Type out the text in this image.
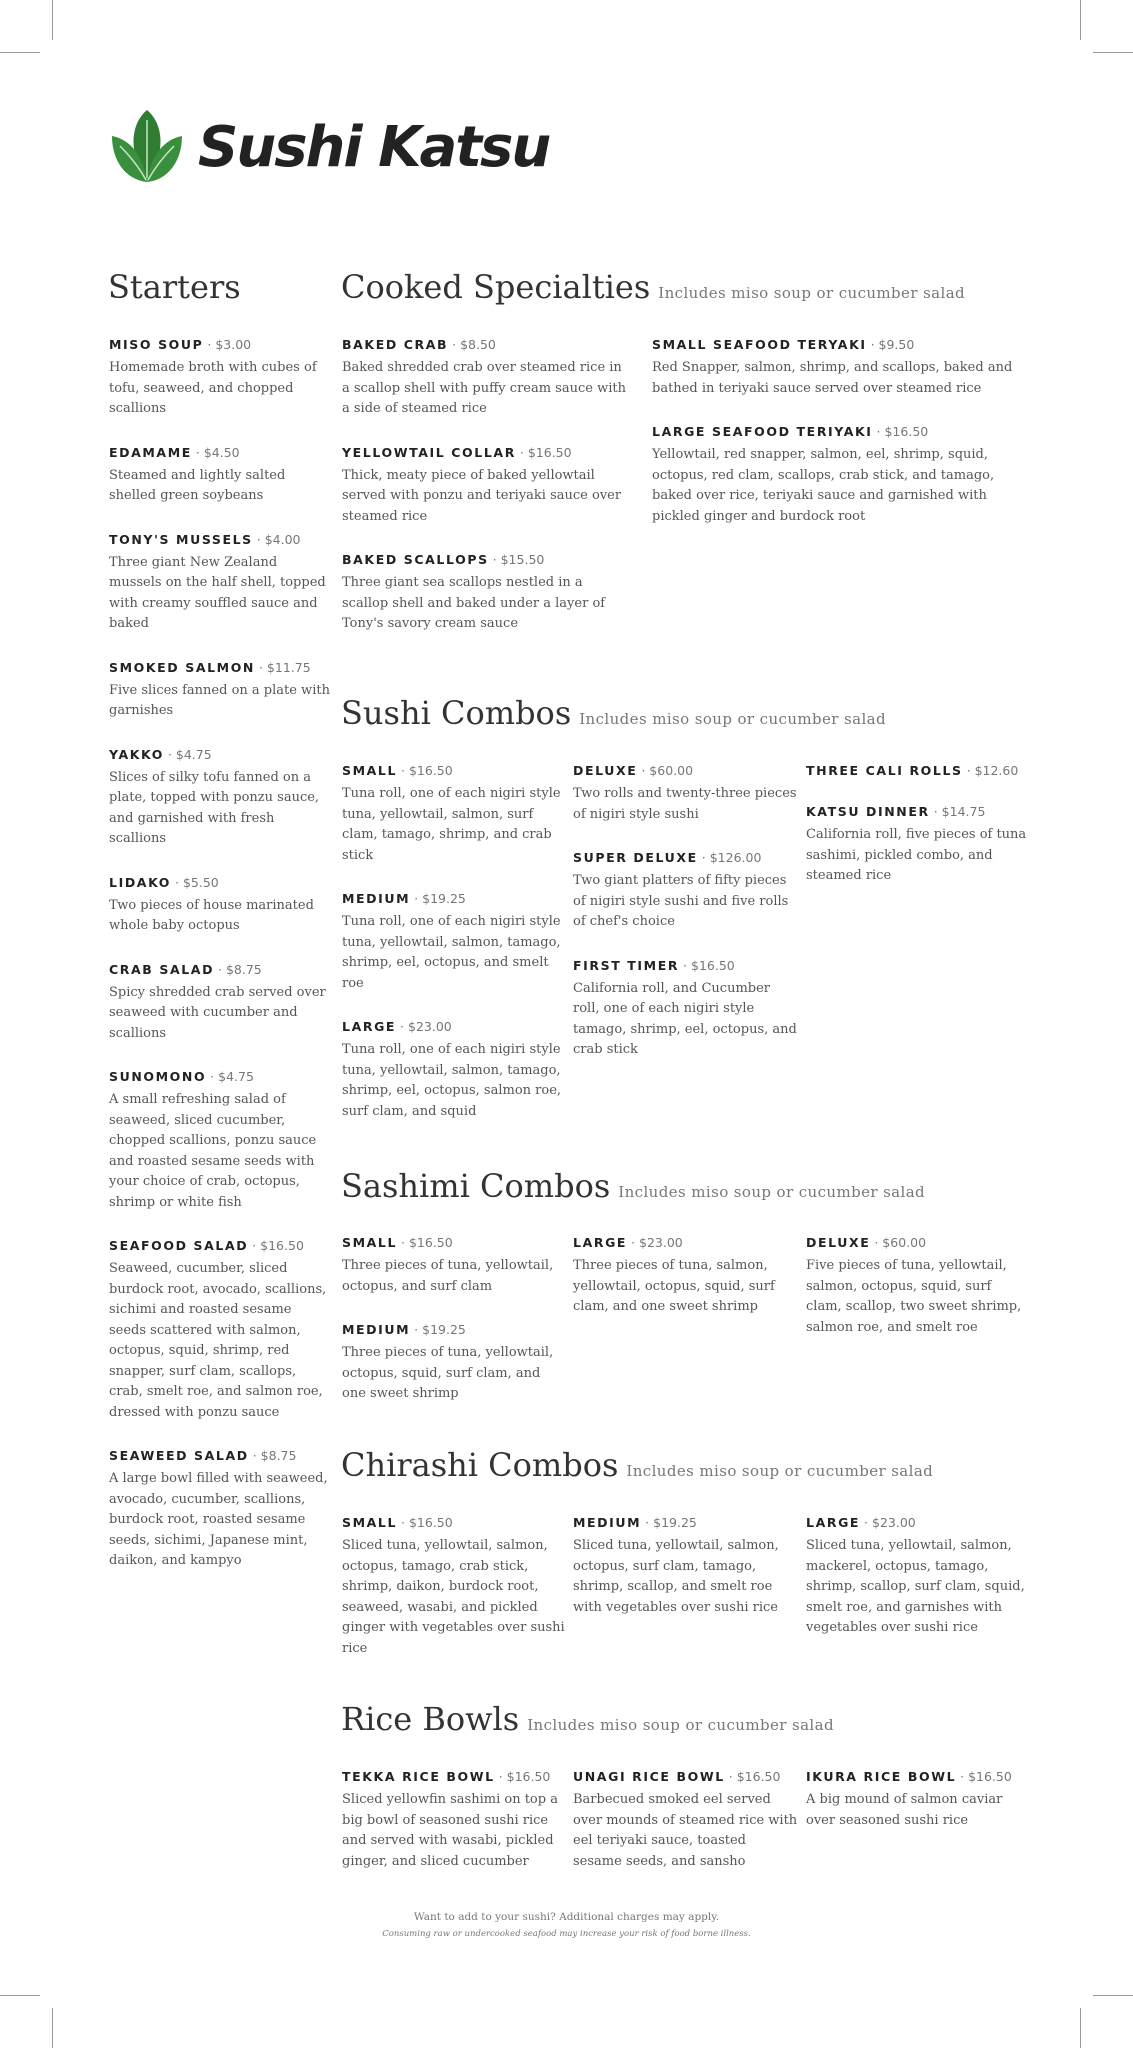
Sushi Katsu
Starters	Cooked Specialties Includes miso soup or cucumber salad
Sushi Combos Includes miso soup or cucumber salad
Sashimi Combos Includes miso soup or cucumber salad
Chirashi Combos Includes miso soup or cucumber salad
Rice Bowls Includes miso soup or cucumber salad
MISO SOUP · $3.00
Homemade broth with cubes of tofu, seaweed, and chopped scallions
EDAMAME · $4.50
Steamed and lightly salted shelled green soybeans
TONY'S MUSSELS · $4.00
Three giant New Zealand mussels on the half shell, topped with creamy souffled sauce and baked
SMOKED SALMON · $11.75
Five slices fanned on a plate with garnishes
YAKKO · $4.75
Slices of silky tofu fanned on a plate, topped with ponzu sauce, and garnished with fresh scallions
LIDAKO · $5.50
Two pieces of house marinated whole baby octopus
CRAB SALAD · $8.75
Spicy shredded crab served over seaweed with cucumber and scallions
SUNOMONO · $4.75
A small refreshing salad of seaweed, sliced cucumber, chopped scallions, ponzu sauce and roasted sesame seeds with your choice of crab, octopus, shrimp or white fish
SEAFOOD SALAD · $16.50
Seaweed, cucumber, sliced burdock root, avocado, scallions, sichimi and roasted sesame seeds scattered with salmon, octopus, squid, shrimp, red snapper, surf clam, scallops, crab, smelt roe, and salmon roe, dressed with ponzu sauce
SEAWEED SALAD · $8.75
A large bowl filled with seaweed, avocado, cucumber, scallions, burdock root, roasted sesame seeds, sichimi, Japanese mint, daikon, and kampyo
BAKED CRAB · $8.50
Baked shredded crab over steamed rice in a scallop shell with puffy cream sauce with a side of steamed rice
YELLOWTAIL COLLAR · $16.50
Thick, meaty piece of baked yellowtail served with ponzu and teriyaki sauce over steamed rice
BAKED SCALLOPS · $15.50
Three giant sea scallops nestled in a scallop shell and baked under a layer of Tony's savory cream sauce
SMALL SEAFOOD TERYAKI · $9.50
Red Snapper, salmon, shrimp, and scallops, baked and bathed in teriyaki sauce served over steamed rice
LARGE SEAFOOD TERIYAKI · $16.50
Yellowtail, red snapper, salmon, eel, shrimp, squid, octopus, red clam, scallops, crab stick, and tamago, baked over rice, teriyaki sauce and garnished with pickled ginger and burdock root
SMALL · $16.50
Tuna roll, one of each nigiri style tuna, yellowtail, salmon, surf clam, tamago, shrimp, and crab stick
MEDIUM · $19.25
Tuna roll, one of each nigiri style tuna, yellowtail, salmon, tamago, shrimp, eel, octopus, and smelt roe
LARGE · $23.00
Tuna roll, one of each nigiri style tuna, yellowtail, salmon, tamago, shrimp, eel, octopus, salmon roe, surf clam, and squid
DELUXE · $60.00
Two rolls and twenty-three pieces of nigiri style sushi
SUPER DELUXE · $126.00
Two giant platters of fifty pieces of nigiri style sushi and five rolls of chef's choice
FIRST TIMER · $16.50
California roll, and Cucumber roll, one of each nigiri style tamago, shrimp, eel, octopus, and crab stick
THREE CALI ROLLS · $12.60
KATSU DINNER · $14.75
California roll, five pieces of tuna sashimi, pickled combo, and steamed rice
SMALL · $16.50
Three pieces of tuna, yellowtail, octopus, and surf clam
MEDIUM · $19.25
Three pieces of tuna, yellowtail, octopus, squid, surf clam, and one sweet shrimp
LARGE · $23.00
Three pieces of tuna, salmon, yellowtail, octopus, squid, surf clam, and one sweet shrimp
DELUXE · $60.00
Five pieces of tuna, yellowtail, salmon, octopus, squid, surf clam, scallop, two sweet shrimp, salmon roe, and smelt roe
SMALL · $16.50
Sliced tuna, yellowtail, salmon, octopus, tamago, crab stick, shrimp, daikon, burdock root, seaweed, wasabi, and pickled ginger with vegetables over sushi rice
MEDIUM · $19.25
Sliced tuna, yellowtail, salmon, octopus, surf clam, tamago, shrimp, scallop, and smelt roe with vegetables over sushi rice
LARGE · $23.00
Sliced tuna, yellowtail, salmon, mackerel, octopus, tamago, shrimp, scallop, surf clam, squid, smelt roe, and garnishes with vegetables over sushi rice
TEKKA RICE BOWL · $16.50
Sliced yellowfin sashimi on top a big bowl of seasoned sushi rice and served with wasabi, pickled ginger, and sliced cucumber
UNAGI RICE BOWL · $16.50
Barbecued smoked eel served over mounds of steamed rice with eel teriyaki sauce, toasted sesame seeds, and sansho
IKURA RICE BOWL · $16.50
A big mound of salmon caviar over seasoned sushi rice
Want to add to your sushi? Additional charges may apply.
Consuming raw or undercooked seafood may increase your risk of food borne illness.
